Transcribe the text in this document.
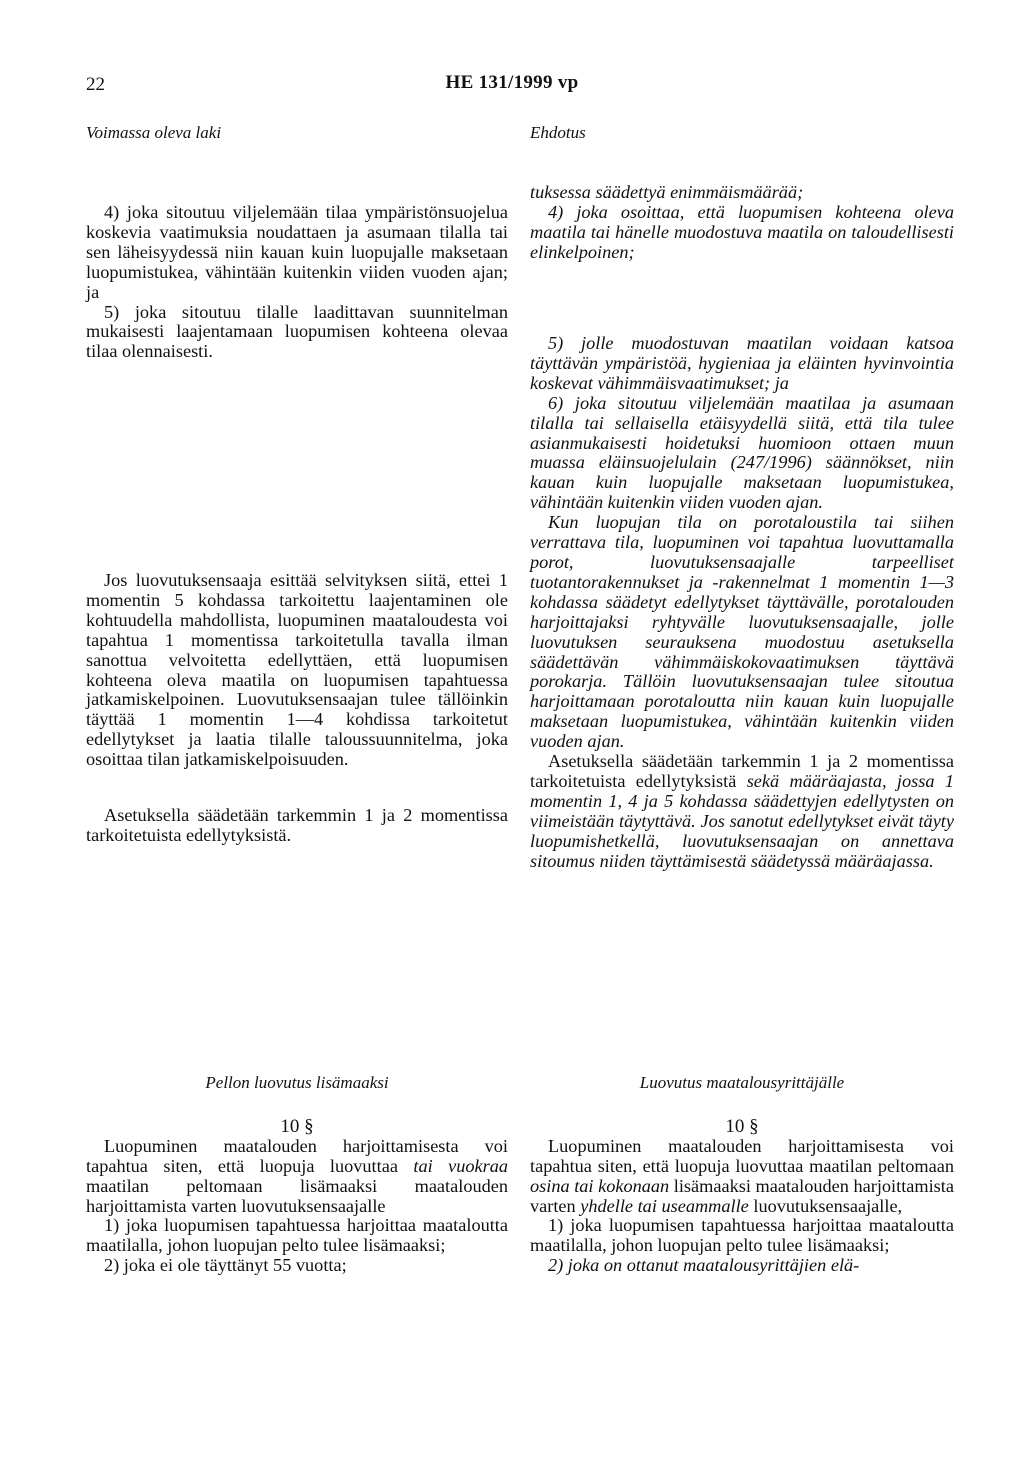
22	HE 131/1999 vp
Voimassa oleva laki	Ehdotus

4) joka sitoutuu viljelemään tilaa ympäristönsuojelua koskevia vaatimuksia noudattaen ja asumaan tilalla tai sen läheisyydessä niin kauan kuin luopujalle maksetaan luopumistukea, vähintään kuitenkin viiden vuoden ajan; ja

5) joka sitoutuu tilalle laadittavan suunnitelman mukaisesti laajentamaan luopumisen kohteena olevaa tilaa olennaisesti.

Jos luovutuksensaaja esittää selvityksen siitä, ettei 1 momentin 5 kohdassa tarkoitettu laajentaminen ole kohtuudella mahdollista, luopuminen maataloudesta voi tapahtua 1 momentissa tarkoitetulla tavalla ilman sanottua velvoitetta edellyttäen, että luopumisen kohteena oleva maatila on luopumisen tapahtuessa jatkamiskelpoinen. Luovutuksensaajan tulee tällöinkin täyttää 1 momentin 1—4 kohdissa tarkoitetut edellytykset ja laatia tilalle taloussuunnitelma, joka osoittaa tilan jatkamiskelpoisuuden.

Asetuksella säädetään tarkemmin 1 ja 2 momentissa tarkoitetuista edellytyksistä.

Pellon luovutus lisämaaksi

10 §

Luopuminen maatalouden harjoittamisesta voi tapahtua siten, että luopuja luovuttaa tai vuokraa maatilan peltomaan lisämaaksi maatalouden harjoittamista varten luovutuksensaajalle

1) joka luopumisen tapahtuessa harjoittaa maataloutta maatilalla, johon luopujan pelto tulee lisämaaksi;

2) joka ei ole täyttänyt 55 vuotta;

tuksessa säädettyä enimmäismäärää;

4) joka osoittaa, että luopumisen kohteena oleva maatila tai hänelle muodostuva maatila on taloudellisesti elinkelpoinen;

5) jolle muodostuvan maatilan voidaan katsoa täyttävän ympäristöä, hygieniaa ja eläinten hyvinvointia koskevat vähimmäisvaatimukset; ja

6) joka sitoutuu viljelemään maatilaa ja asumaan tilalla tai sellaisella etäisyydellä siitä, että tila tulee asianmukaisesti hoidetuksi huomioon ottaen muun muassa eläinsuojelulain (247/1996) säännökset, niin kauan kuin luopujalle maksetaan luopumistukea, vähintään kuitenkin viiden vuoden ajan.

Kun luopujan tila on porotaloustila tai siihen verrattava tila, luopuminen voi tapahtua luovuttamalla porot, luovutuksensaajalle tarpeelliset tuotantorakennukset ja -rakennelmat 1 momentin 1—3 kohdassa säädetyt edellytykset täyttävälle, porotalouden harjoittajaksi ryhtyvälle luovutuksensaajalle, jolle luovutuksen seurauksena muodostuu asetuksella säädettävän vähimmäiskokovaatimuksen täyttävä porokarja. Tällöin luovutuksensaajan tulee sitoutua harjoittamaan porotaloutta niin kauan kuin luopujalle maksetaan luopumistukea, vähintään kuitenkin viiden vuoden ajan.

Asetuksella säädetään tarkemmin 1 ja 2 momentissa tarkoitetuista edellytyksistä sekä määräajasta, jossa 1 momentin 1, 4 ja 5 kohdassa säädettyjen edellytysten on viimeistään täytyttävä. Jos sanotut edellytykset eivät täyty luopumishetkellä, luovutuksensaajan on annettava sitoumus niiden täyttämisestä säädetyssä määräajassa.

Luovutus maatalousyrittäjälle

10 §

Luopuminen maatalouden harjoittamisesta voi tapahtua siten, että luopuja luovuttaa maatilan peltomaan osina tai kokonaan lisämaaksi maatalouden harjoittamista varten yhdelle tai useammalle luovutuksensaajalle,

1) joka luopumisen tapahtuessa harjoittaa maataloutta maatilalla, johon luopujan pelto tulee lisämaaksi;

2) joka on ottanut maatalousyrittäjien elä-
